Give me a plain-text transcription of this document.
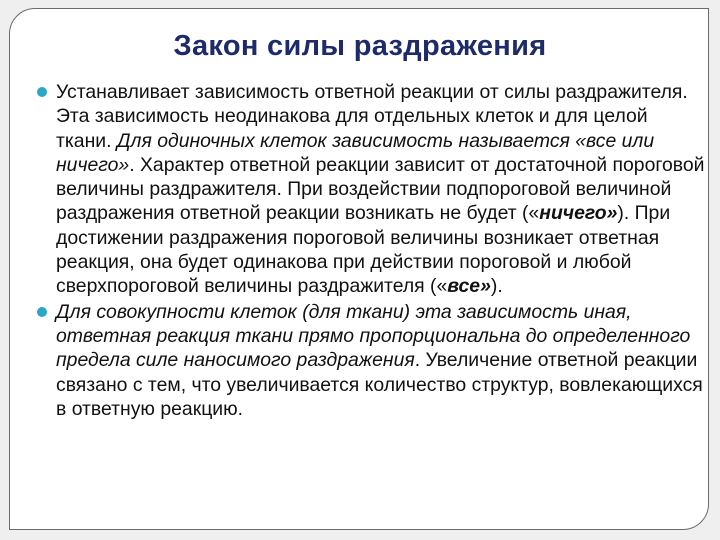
Закон силы раздражения

Устанавливает зависимость ответной реакции от силы раздражителя. Эта зависимость неодинакова для отдельных клеток и для целой ткани. Для одиночных клеток зависимость называется «все или ничего». Характер ответной реакции зависит от достаточной пороговой величины раздражителя. При воздействии подпороговой величиной раздражения ответной реакции возникать не будет («ничего»). При достижении раздражения пороговой величины возникает ответная реакция, она будет одинакова при действии пороговой и любой сверхпороговой величины раздражителя («все»).

Для совокупности клеток (для ткани) эта зависимость иная, ответная реакция ткани прямо пропорциональна до определенного предела силе наносимого раздражения. Увеличение ответной реакции связано с тем, что увеличивается количество структур, вовлекающихся в ответную реакцию.
